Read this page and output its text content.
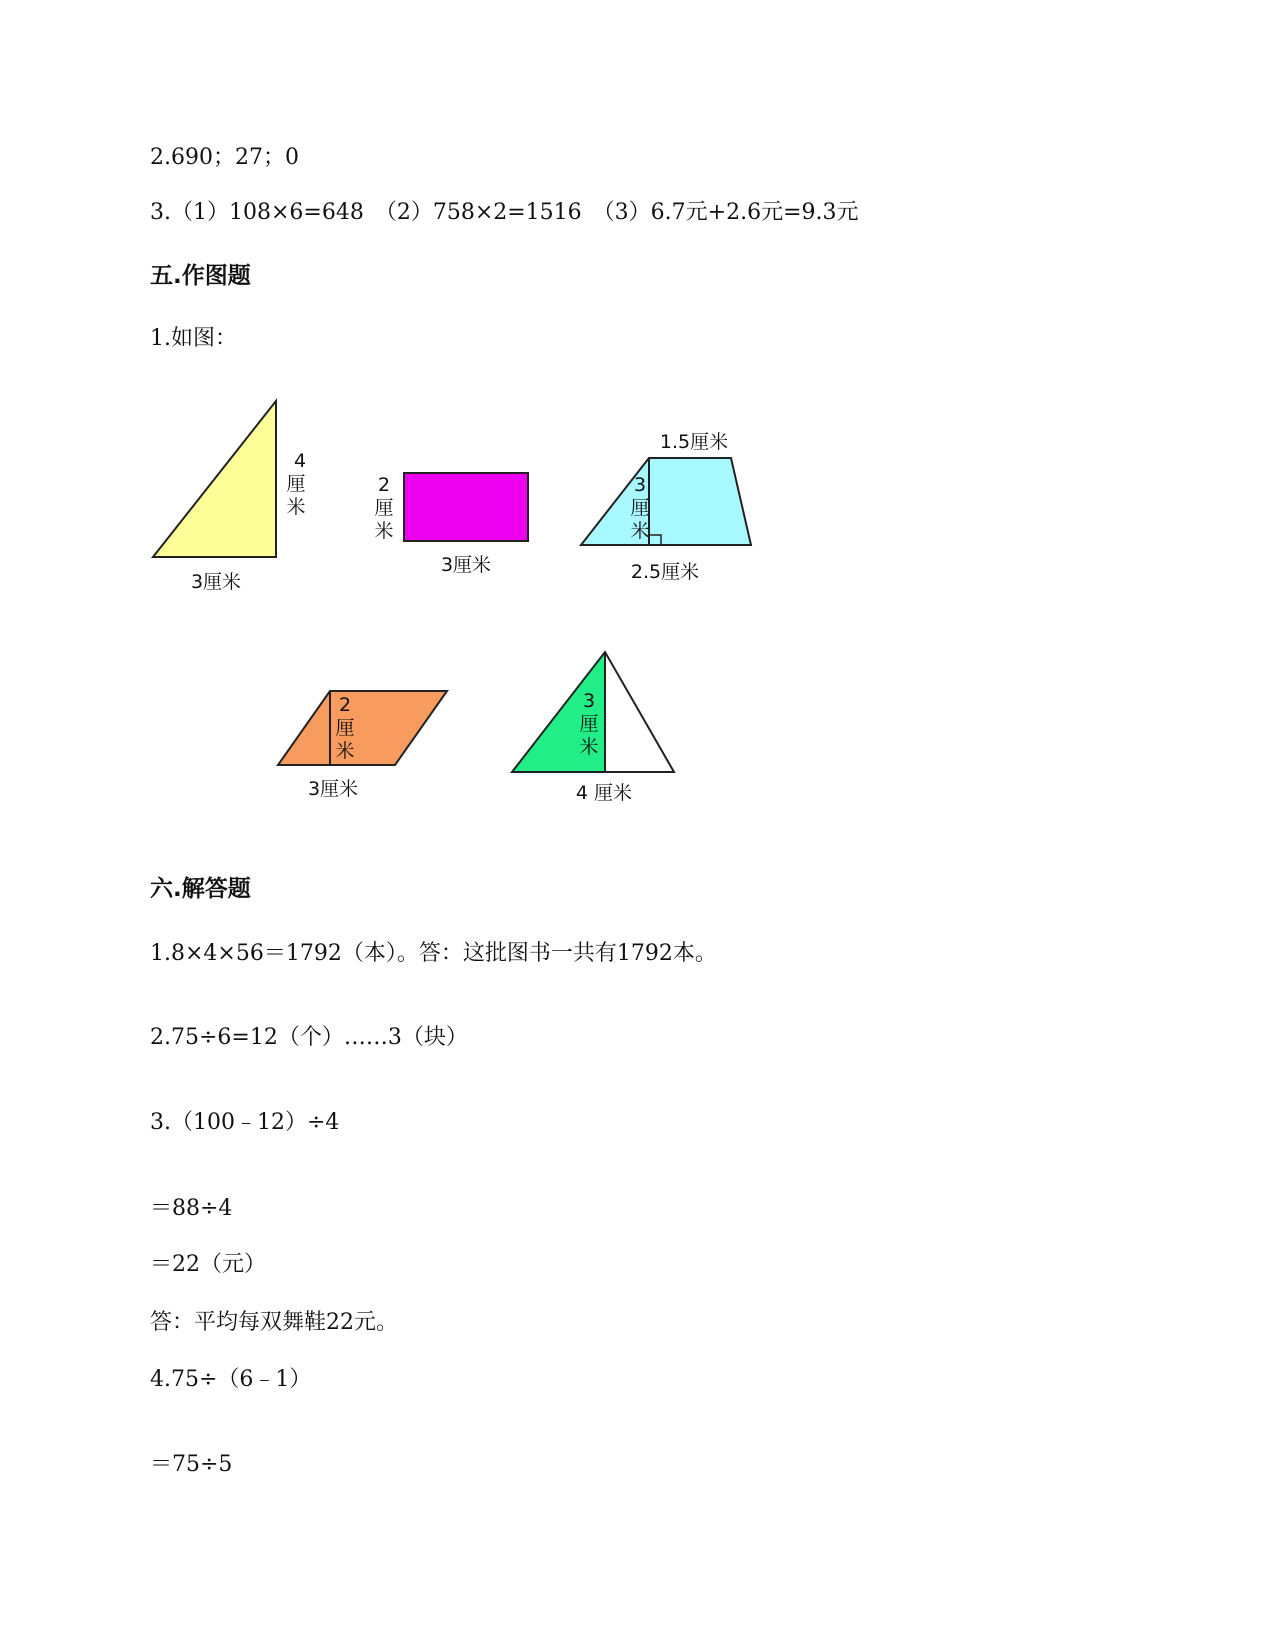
2.690；27；0
3.（1）108×6=648　（2）758×2=1516　（3）6.7元+2.6元=9.3元
五.作图题
1.如图：
4
厘
米
3厘米
2
厘
米
3厘米
1.5厘米
3
厘
米
2.5厘米
2
厘
米
3厘米
3
厘
米
4 厘米
六.解答题
1.8×4×56＝1792（本）。答：这批图书一共有1792本。
2.75÷6=12（个）……3（块）
3.（100﹣12）÷4
＝88÷4
＝22（元）
答：平均每双舞鞋22元。
4.75÷（6﹣1）
＝75÷5
